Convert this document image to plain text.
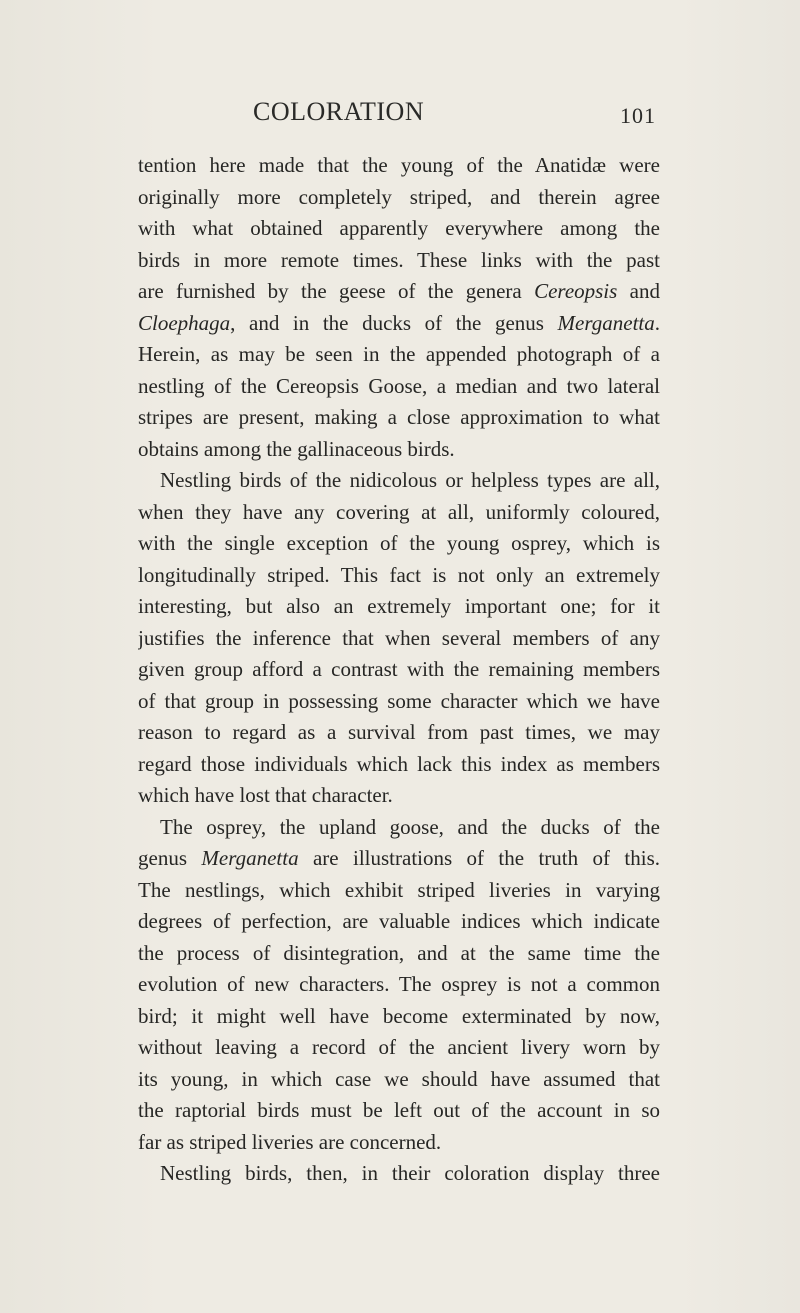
COLORATION	101
tention here made that the young of the Anatidæ were
originally more completely striped, and therein agree
with what obtained apparently everywhere among the
birds in more remote times. These links with the past
are furnished by the geese of the genera Cereopsis and
Cloephaga, and in the ducks of the genus Merganetta.
Herein, as may be seen in the appended photograph of a
nestling of the Cereopsis Goose, a median and two lateral
stripes are present, making a close approximation to what
obtains among the gallinaceous birds.
Nestling birds of the nidicolous or helpless types are all,
when they have any covering at all, uniformly coloured,
with the single exception of the young osprey, which is
longitudinally striped. This fact is not only an extremely
interesting, but also an extremely important one; for it
justifies the inference that when several members of any
given group afford a contrast with the remaining members
of that group in possessing some character which we have
reason to regard as a survival from past times, we may
regard those individuals which lack this index as members
which have lost that character.
The osprey, the upland goose, and the ducks of the
genus Merganetta are illustrations of the truth of this.
The nestlings, which exhibit striped liveries in varying
degrees of perfection, are valuable indices which indicate
the process of disintegration, and at the same time the
evolution of new characters. The osprey is not a common
bird; it might well have become exterminated by now,
without leaving a record of the ancient livery worn by
its young, in which case we should have assumed that
the raptorial birds must be left out of the account in so
far as striped liveries are concerned.
Nestling birds, then, in their coloration display three
